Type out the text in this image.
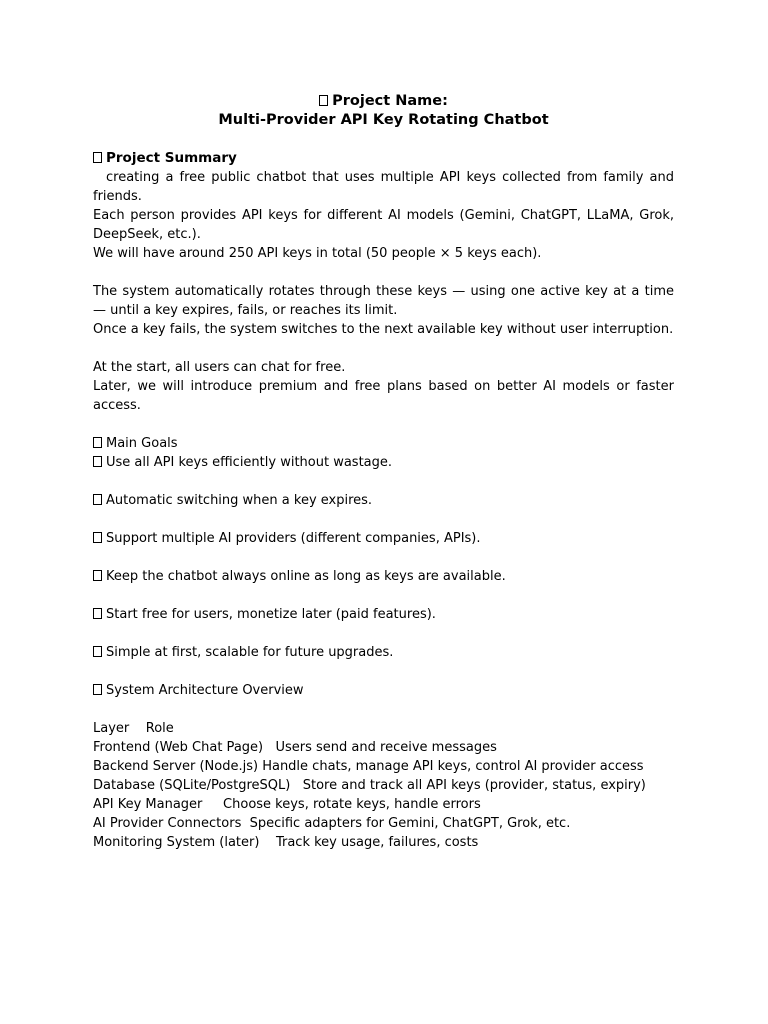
Project Name:
Multi-Provider API Key Rotating Chatbot
Project Summary
creating a free public chatbot that uses multiple API keys collected from family and friends.
Each person provides API keys for different AI models (Gemini, ChatGPT, LLaMA, Grok, DeepSeek, etc.).
We will have around 250 API keys in total (50 people × 5 keys each).
The system automatically rotates through these keys — using one active key at a time — until a key expires, fails, or reaches its limit.
Once a key fails, the system switches to the next available key without user interruption.
At the start, all users can chat for free.
Later, we will introduce premium and free plans based on better AI models or faster access.
Main Goals
Use all API keys efficiently without wastage.
Automatic switching when a key expires.
Support multiple AI providers (different companies, APIs).
Keep the chatbot always online as long as keys are available.
Start free for users, monetize later (paid features).
Simple at first, scalable for future upgrades.
System Architecture Overview
Layer    Role
Frontend (Web Chat Page)   Users send and receive messages
Backend Server (Node.js) Handle chats, manage API keys, control AI provider access
Database (SQLite/PostgreSQL)   Store and track all API keys (provider, status, expiry)
API Key Manager     Choose keys, rotate keys, handle errors
AI Provider Connectors  Specific adapters for Gemini, ChatGPT, Grok, etc.
Monitoring System (later)    Track key usage, failures, costs
